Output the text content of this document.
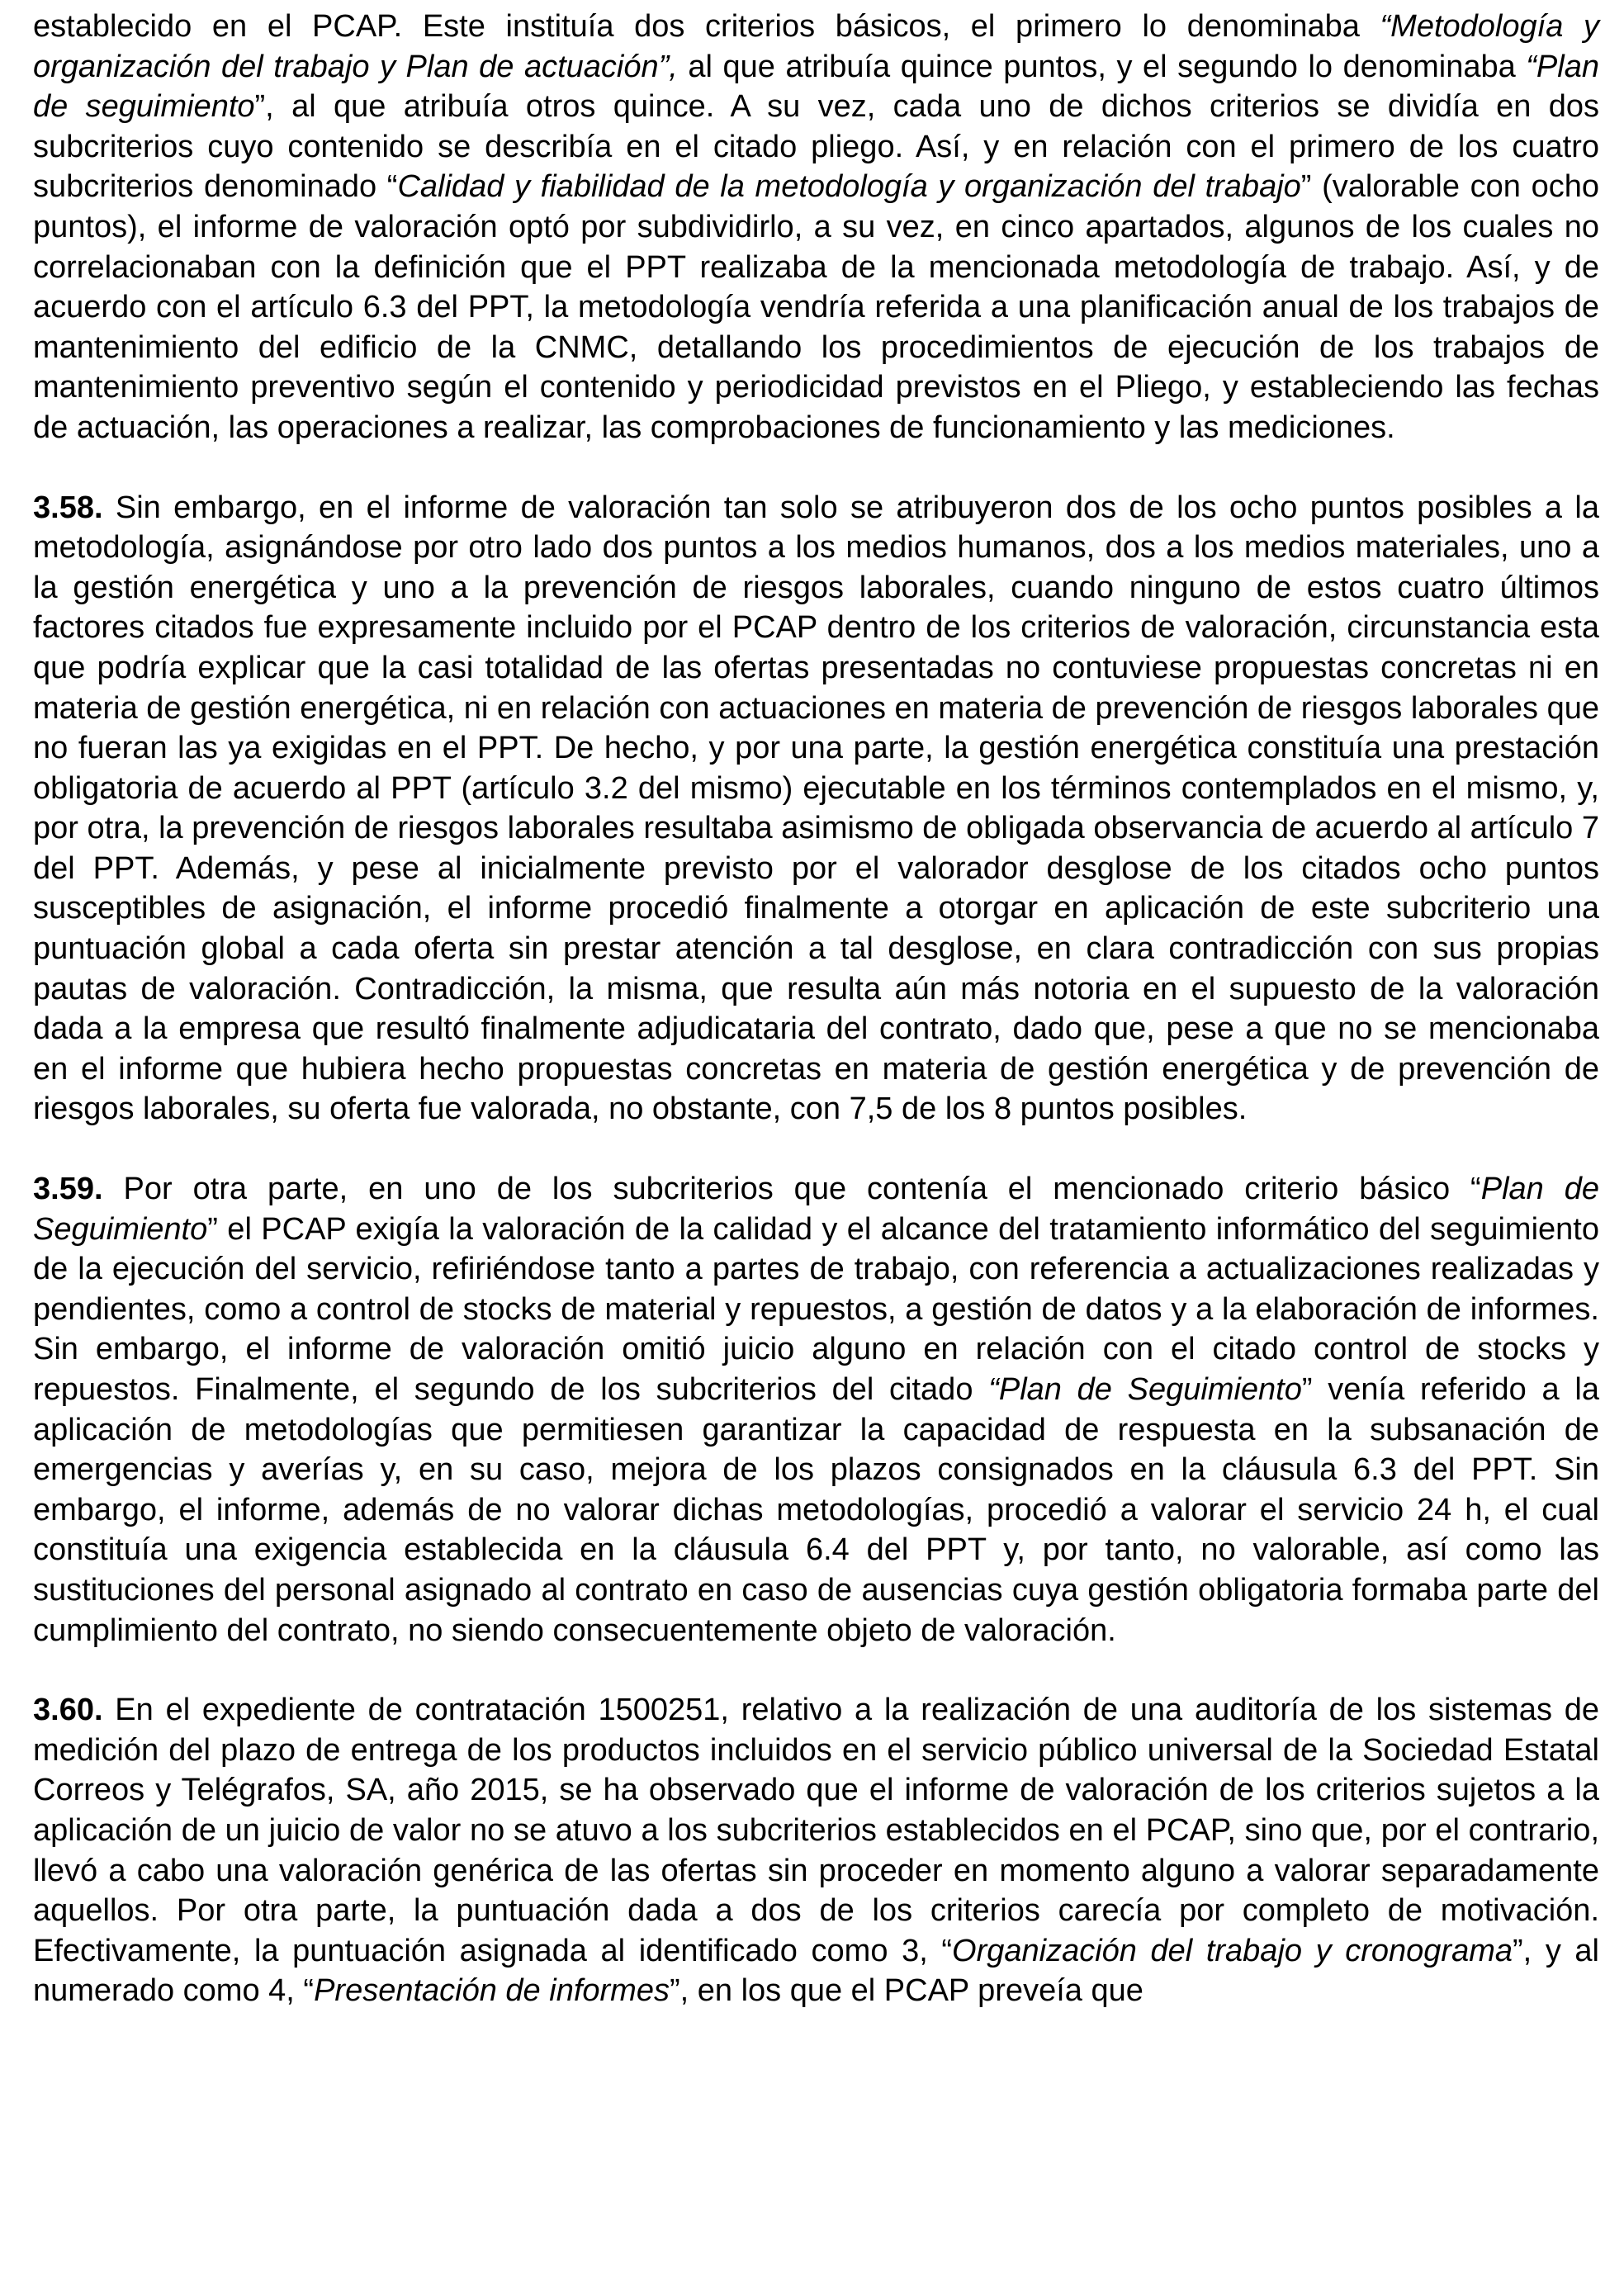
establecido en el PCAP. Este instituía dos criterios básicos, el primero lo denominaba “Metodología y organización del trabajo y Plan de actuación”, al que atribuía quince puntos, y el segundo lo denominaba “Plan de seguimiento”, al que atribuía otros quince. A su vez, cada uno de dichos criterios se dividía en dos subcriterios cuyo contenido se describía en el citado pliego. Así, y en relación con el primero de los cuatro subcriterios denominado “Calidad y fiabilidad de la metodología y organización del trabajo” (valorable con ocho puntos), el informe de valoración optó por subdividirlo, a su vez, en cinco apartados, algunos de los cuales no correlacionaban con la definición que el PPT realizaba de la mencionada metodología de trabajo. Así, y de acuerdo con el artículo 6.3 del PPT, la metodología vendría referida a una planificación anual de los trabajos de mantenimiento del edificio de la CNMC, detallando los procedimientos de ejecución de los trabajos de mantenimiento preventivo según el contenido y periodicidad previstos en el Pliego, y estableciendo las fechas de actuación, las operaciones a realizar, las comprobaciones de funcionamiento y las mediciones.

3.58. Sin embargo, en el informe de valoración tan solo se atribuyeron dos de los ocho puntos posibles a la metodología, asignándose por otro lado dos puntos a los medios humanos, dos a los medios materiales, uno a la gestión energética y uno a la prevención de riesgos laborales, cuando ninguno de estos cuatro últimos factores citados fue expresamente incluido por el PCAP dentro de los criterios de valoración, circunstancia esta que podría explicar que la casi totalidad de las ofertas presentadas no contuviese propuestas concretas ni en materia de gestión energética, ni en relación con actuaciones en materia de prevención de riesgos laborales que no fueran las ya exigidas en el PPT. De hecho, y por una parte, la gestión energética constituía una prestación obligatoria de acuerdo al PPT (artículo 3.2 del mismo) ejecutable en los términos contemplados en el mismo, y, por otra, la prevención de riesgos laborales resultaba asimismo de obligada observancia de acuerdo al artículo 7 del PPT. Además, y pese al inicialmente previsto por el valorador desglose de los citados ocho puntos susceptibles de asignación, el informe procedió finalmente a otorgar en aplicación de este subcriterio una puntuación global a cada oferta sin prestar atención a tal desglose, en clara contradicción con sus propias pautas de valoración. Contradicción, la misma, que resulta aún más notoria en el supuesto de la valoración dada a la empresa que resultó finalmente adjudicataria del contrato, dado que, pese a que no se mencionaba en el informe que hubiera hecho propuestas concretas en materia de gestión energética y de prevención de riesgos laborales, su oferta fue valorada, no obstante, con 7,5 de los 8 puntos posibles.

3.59. Por otra parte, en uno de los subcriterios que contenía el mencionado criterio básico “Plan de Seguimiento” el PCAP exigía la valoración de la calidad y el alcance del tratamiento informático del seguimiento de la ejecución del servicio, refiriéndose tanto a partes de trabajo, con referencia a actualizaciones realizadas y pendientes, como a control de stocks de material y repuestos, a gestión de datos y a la elaboración de informes. Sin embargo, el informe de valoración omitió juicio alguno en relación con el citado control de stocks y repuestos. Finalmente, el segundo de los subcriterios del citado “Plan de Seguimiento” venía referido a la aplicación de metodologías que permitiesen garantizar la capacidad de respuesta en la subsanación de emergencias y averías y, en su caso, mejora de los plazos consignados en la cláusula 6.3 del PPT. Sin embargo, el informe, además de no valorar dichas metodologías, procedió a valorar el servicio 24 h, el cual constituía una exigencia establecida en la cláusula 6.4 del PPT y, por tanto, no valorable, así como las sustituciones del personal asignado al contrato en caso de ausencias cuya gestión obligatoria formaba parte del cumplimiento del contrato, no siendo consecuentemente objeto de valoración.

3.60. En el expediente de contratación 1500251, relativo a la realización de una auditoría de los sistemas de medición del plazo de entrega de los productos incluidos en el servicio público universal de la Sociedad Estatal Correos y Telégrafos, SA, año 2015, se ha observado que el informe de valoración de los criterios sujetos a la aplicación de un juicio de valor no se atuvo a los subcriterios establecidos en el PCAP, sino que, por el contrario, llevó a cabo una valoración genérica de las ofertas sin proceder en momento alguno a valorar separadamente aquellos. Por otra parte, la puntuación dada a dos de los criterios carecía por completo de motivación. Efectivamente, la puntuación asignada al identificado como 3, “Organización del trabajo y cronograma”, y al numerado como 4, “Presentación de informes”, en los que el PCAP preveía que
